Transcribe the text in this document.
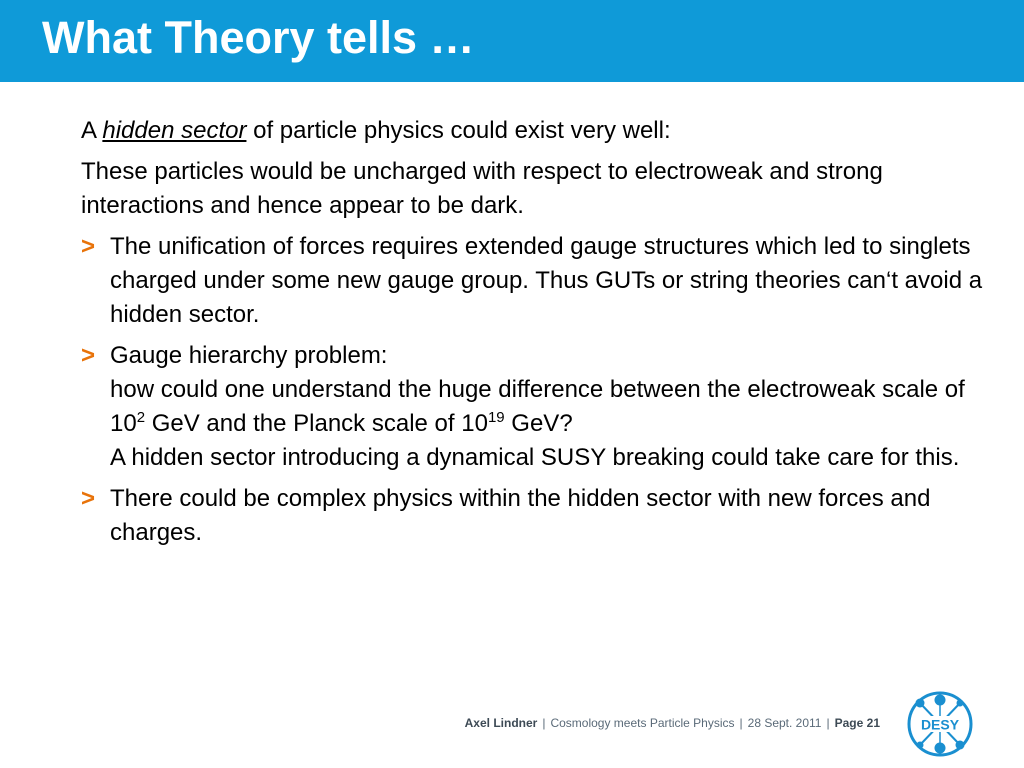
What Theory tells …

A hidden sector of particle physics could exist very well:

These particles would be uncharged with respect to electroweak and strong interactions and hence appear to be dark.

> The unification of forces requires extended gauge structures which led to singlets charged under some new gauge group. Thus GUTs or string theories can‘t avoid a hidden sector.
> Gauge hierarchy problem:
how could one understand the huge difference between the electroweak scale of $10^2$ GeV and the Planck scale of $10^{19}$ GeV?
A hidden sector introducing a dynamical SUSY breaking could take care for this.
> There could be complex physics within the hidden sector with new forces and charges.
Axel Lindner | Cosmology meets Particle Physics | 28 Sept. 2011 | Page 21	DESY
